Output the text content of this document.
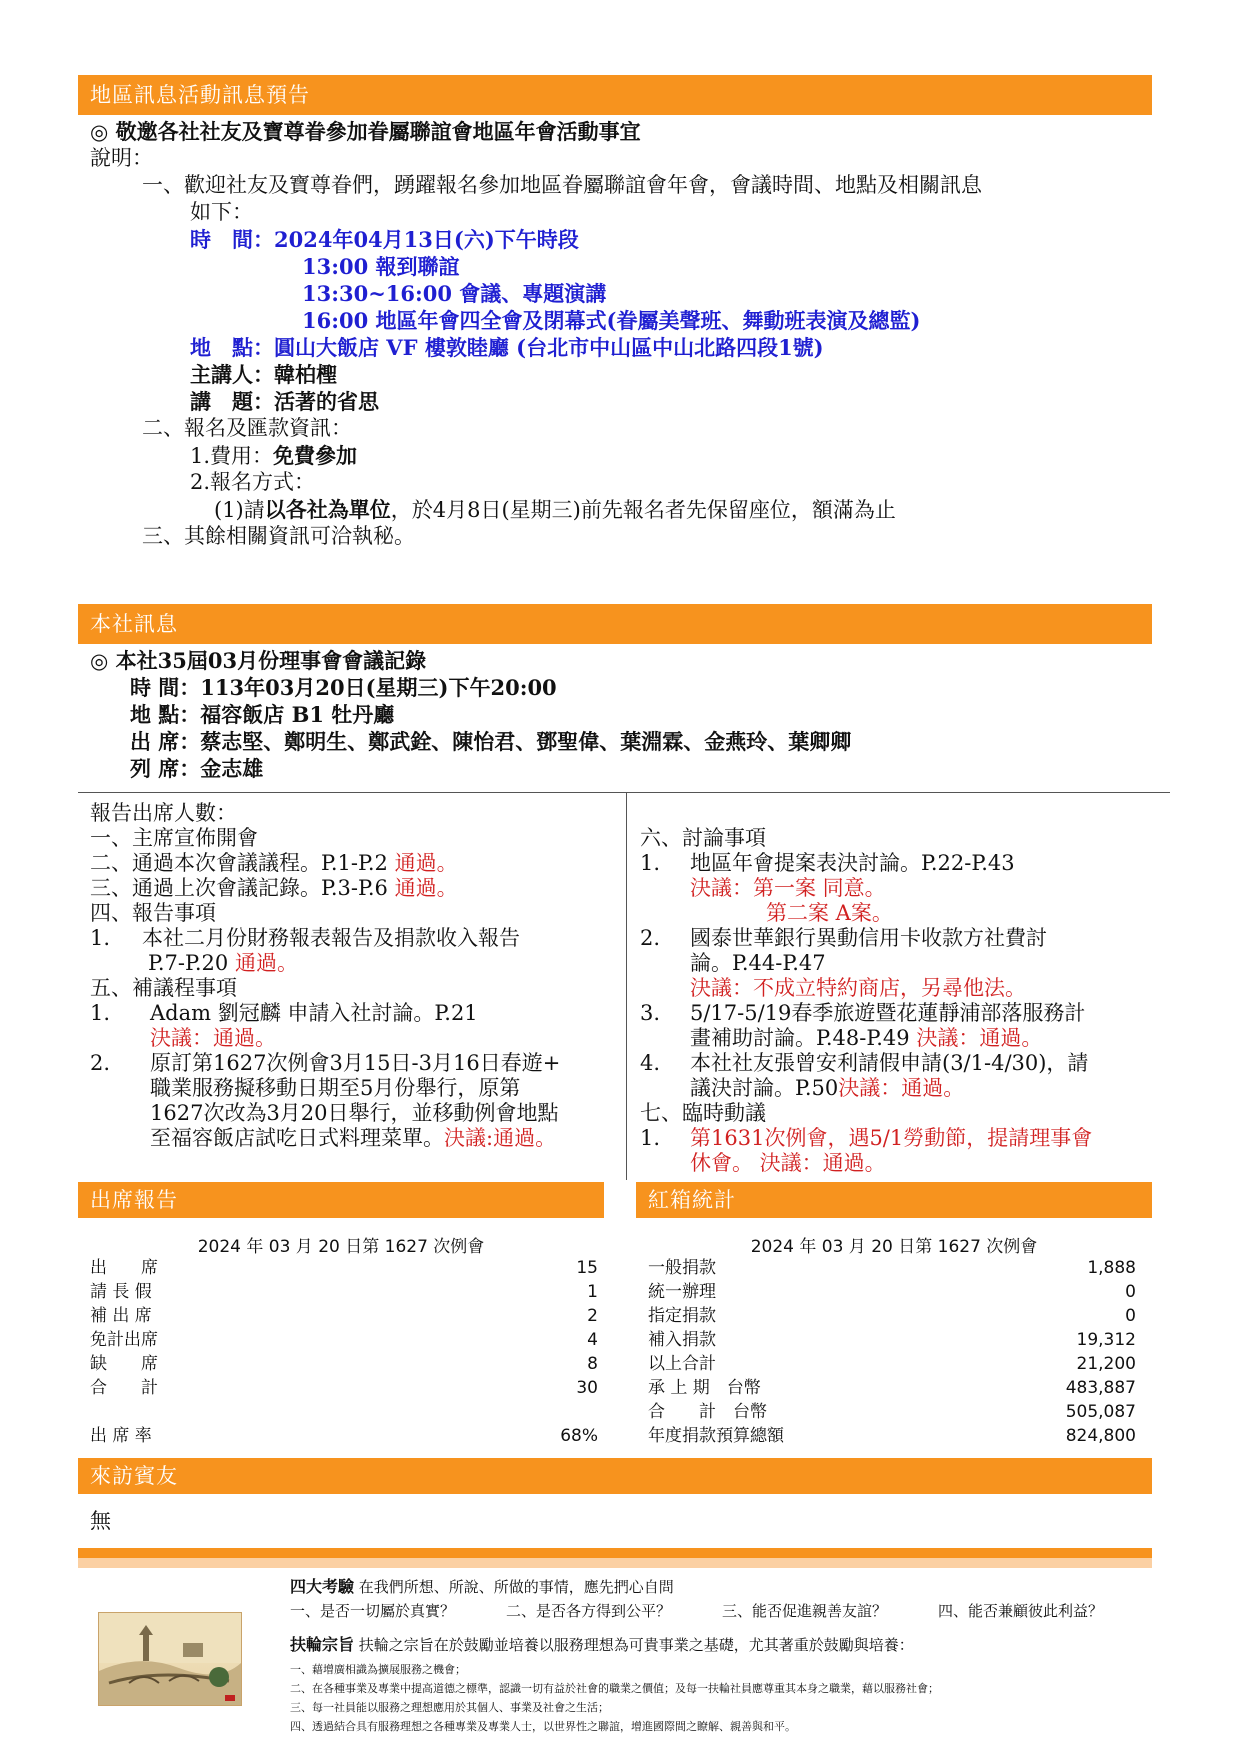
地區訊息活動訊息預告
◎ 敬邀各社社友及寶尊眷參加眷屬聯誼會地區年會活動事宜
說明：
一、歡迎社友及寶尊眷們，踴躍報名參加地區眷屬聯誼會年會，會議時間、地點及相關訊息
如下：
時　間：2024年04月13日(六)下午時段
13:00 報到聯誼
13:30~16:00 會議、專題演講
16:00 地區年會四全會及閉幕式(眷屬美聲班、舞動班表演及總監)
地　點：圓山大飯店 VF 樓敦睦廳 (台北市中山區中山北路四段1號)
主講人：韓柏檉
講　題：活著的省思
二、報名及匯款資訊：
1.費用：免費參加
2.報名方式：
(1)請以各社為單位，於4月8日(星期三)前先報名者先保留座位，額滿為止
三、其餘相關資訊可洽執秘。
本社訊息
◎ 本社35屆03月份理事會會議記錄
時 間：113年03月20日(星期三)下午20:00
地 點：福容飯店 B1 牡丹廳
出 席：蔡志堅、鄭明生、鄭武銓、陳怡君、鄧聖偉、葉淵霖、金燕玲、葉卿卿
列 席：金志雄
報告出席人數：
一、主席宣佈開會
二、通過本次會議議程。P.1-P.2 通過。
三、通過上次會議記錄。P.3-P.6 通過。
四、報告事項
1. 本社二月份財務報表報告及捐款收入報告
P.7-P.20 通過。
五、補議程事項
1. Adam 劉冠麟 申請入社討論。P.21
決議：通過。
2. 原訂第1627次例會3月15日-3月16日春遊+
職業服務擬移動日期至5月份舉行，原第
1627次改為3月20日舉行，並移動例會地點
至福容飯店試吃日式料理菜單。決議:通過。
六、討論事項
1. 地區年會提案表決討論。P.22-P.43
決議：第一案 同意。
第二案 A案。
2. 國泰世華銀行異動信用卡收款方社費討
論。P.44-P.47
決議：不成立特約商店，另尋他法。
3. 5/17-5/19春季旅遊暨花蓮靜浦部落服務計
畫補助討論。P.48-P.49 決議：通過。
4. 本社社友張曾安利請假申請(3/1-4/30)，請
議決討論。P.50決議：通過。
七、臨時動議
1. 第1631次例會，遇5/1勞動節，提請理事會
休會。 決議：通過。
出席報告
2024 年 03 月 20 日第 1627 次例會
出　　席	15
請 長 假	1
補 出 席	2
免計出席	4
缺　　席	8
合　　計	30
出 席 率	68%
紅箱統計
2024 年 03 月 20 日第 1627 次例會
一般捐款	1,888
統一辦理	0
指定捐款	0
補入捐款	19,312
以上合計	21,200
承 上 期　台幣	483,887
合　　計　台幣	505,087
年度捐款預算總額	824,800
來訪賓友
無
四大考驗 在我們所想、所說、所做的事情，應先捫心自問
一、是否一切屬於真實？	二、是否各方得到公平？	三、能否促進親善友誼？	四、能否兼顧彼此利益？
扶輪宗旨 扶輪之宗旨在於鼓勵並培養以服務理想為可貴事業之基礎，尤其著重於鼓勵與培養：
一、藉增廣相識為擴展服務之機會；
二、在各種事業及專業中提高道德之標準，認識一切有益於社會的職業之價值；及每一扶輪社員應尊重其本身之職業，藉以服務社會；
三、每一社員能以服務之理想應用於其個人、事業及社會之生活；
四、透過結合具有服務理想之各種專業及專業人士，以世界性之聯誼，增進國際間之瞭解、親善與和平。
